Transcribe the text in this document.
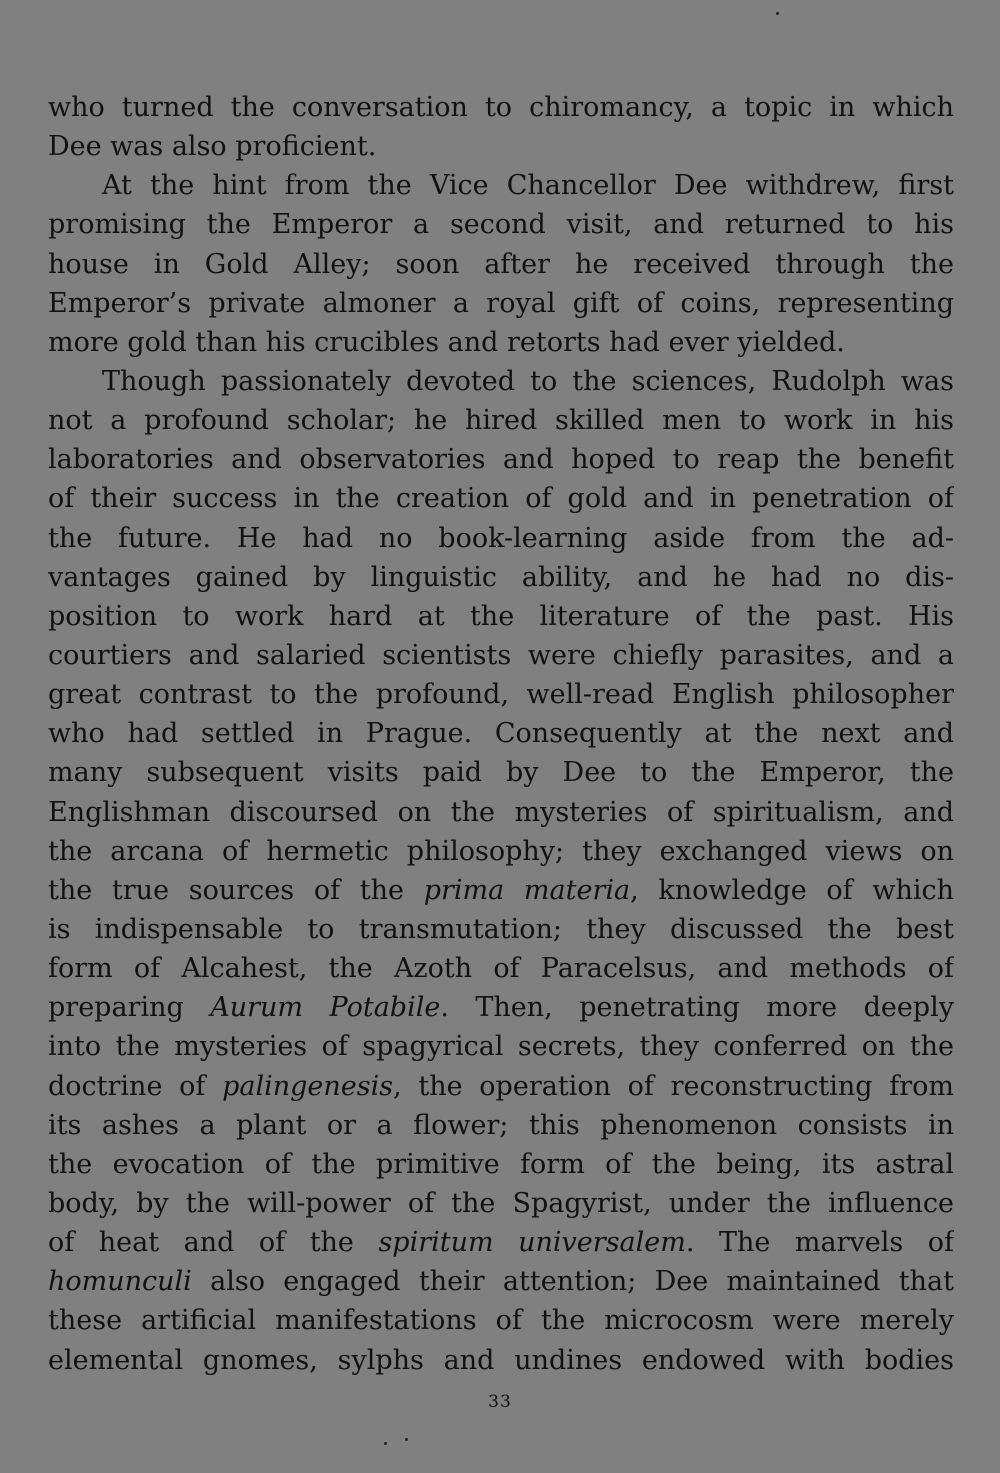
who turned the conversation to chiromancy, a topic in which
Dee was also proficient.
At the hint from the Vice Chancellor Dee withdrew, first
promising the Emperor a second visit, and returned to his
house in Gold Alley; soon after he received through the
Emperor’s private almoner a royal gift of coins, representing
more gold than his crucibles and retorts had ever yielded.
Though passionately devoted to the sciences, Rudolph was
not a profound scholar; he hired skilled men to work in his
laboratories and observatories and hoped to reap the benefit
of their success in the creation of gold and in penetration of
the future. He had no book-learning aside from the ad-
vantages gained by linguistic ability, and he had no dis-
position to work hard at the literature of the past. His
courtiers and salaried scientists were chiefly parasites, and a
great contrast to the profound, well-read English philosopher
who had settled in Prague. Consequently at the next and
many subsequent visits paid by Dee to the Emperor, the
Englishman discoursed on the mysteries of spiritualism, and
the arcana of hermetic philosophy; they exchanged views on
the true sources of the prima materia, knowledge of which
is indispensable to transmutation; they discussed the best
form of Alcahest, the Azoth of Paracelsus, and methods of
preparing Aurum Potabile. Then, penetrating more deeply
into the mysteries of spagyrical secrets, they conferred on the
doctrine of palingenesis, the operation of reconstructing from
its ashes a plant or a flower; this phenomenon consists in
the evocation of the primitive form of the being, its astral
body, by the will-power of the Spagyrist, under the influence
of heat and of the spiritum universalem. The marvels of
homunculi also engaged their attention; Dee maintained that
these artificial manifestations of the microcosm were merely
elemental gnomes, sylphs and undines endowed with bodies
33
